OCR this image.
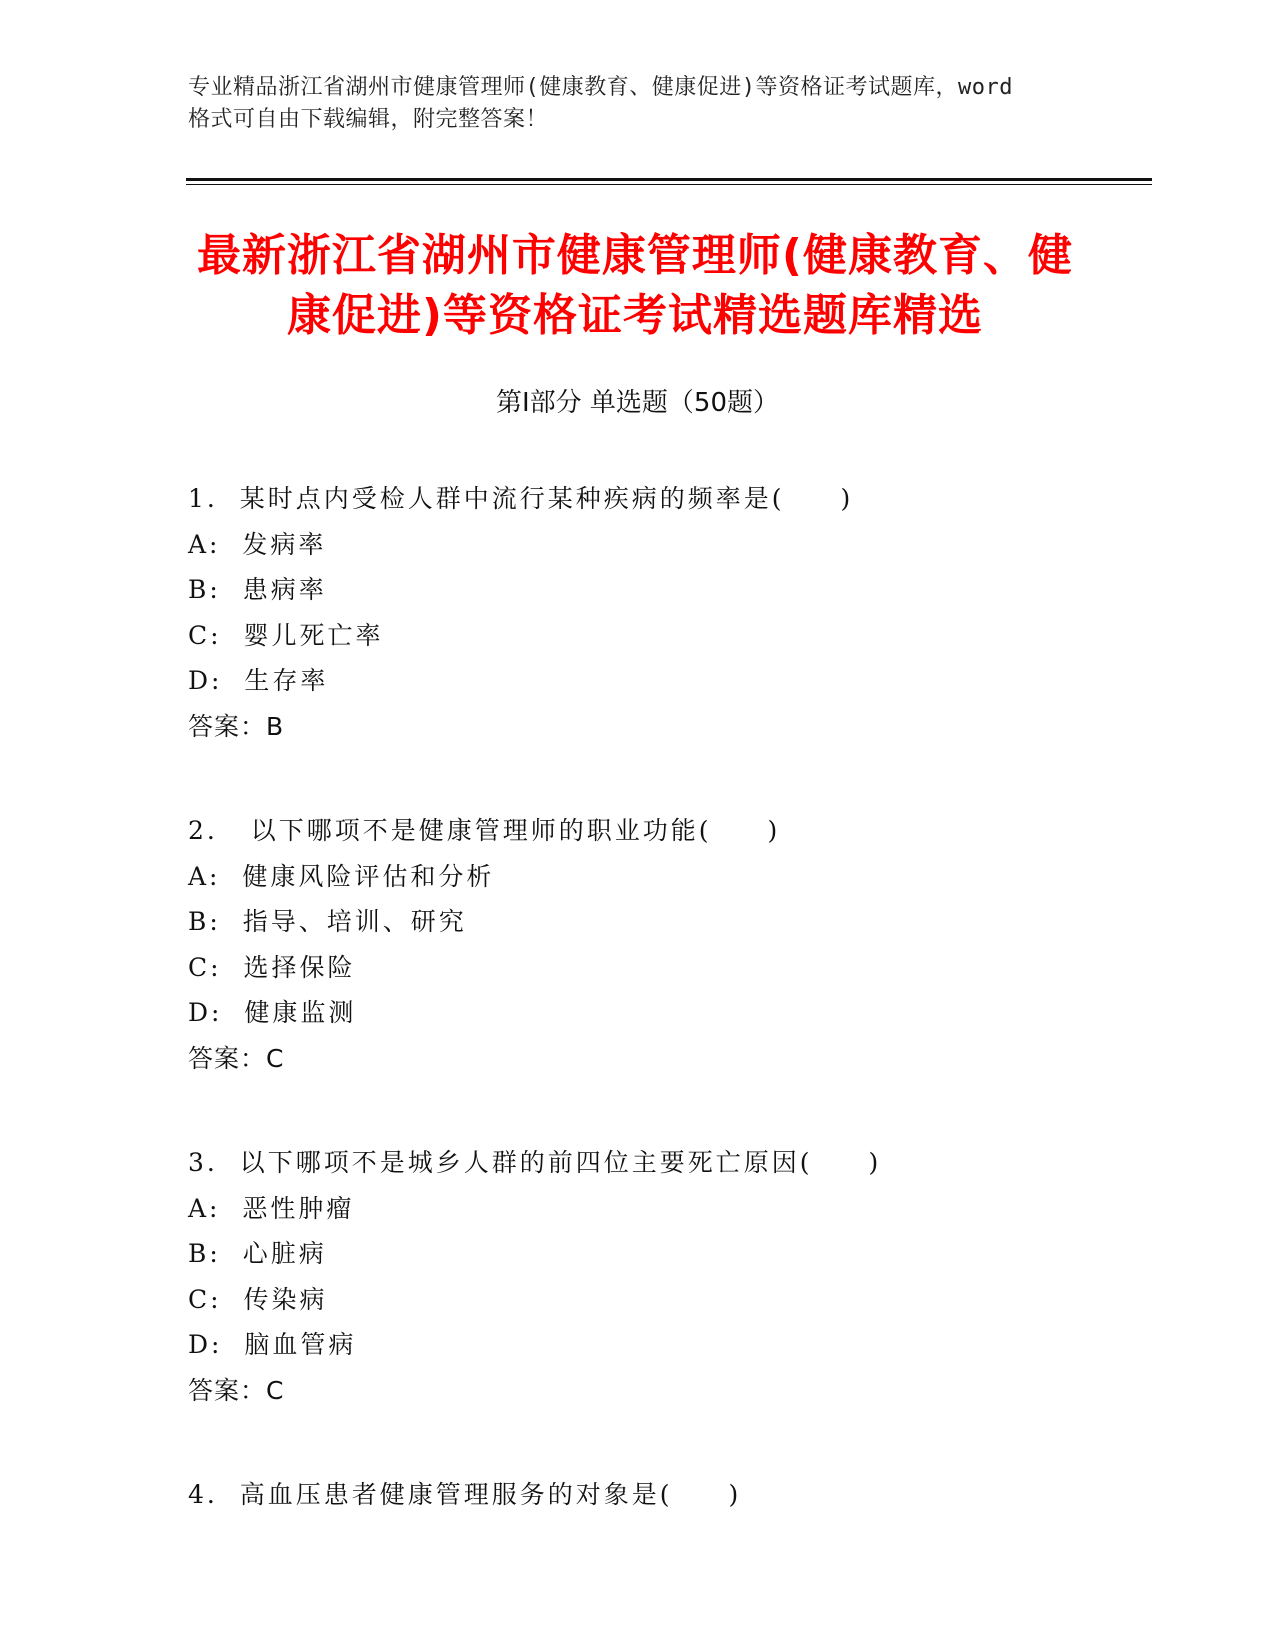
专业精品浙江省湖州市健康管理师(健康教育、健康促进)等资格证考试题库，word
格式可自由下载编辑，附完整答案！
最新浙江省湖州市健康管理师(健康教育、健
康促进)等资格证考试精选题库精选
第Ⅰ部分 单选题（50题）
1.  某时点内受检人群中流行某种疾病的频率是(　　)
A:  发病率
B:  患病率
C:  婴儿死亡率
D:  生存率
答案：B
2.   以下哪项不是健康管理师的职业功能(　　)
A:  健康风险评估和分析
B:  指导、培训、研究
C:  选择保险
D:  健康监测
答案：C
3.  以下哪项不是城乡人群的前四位主要死亡原因(　　)
A:  恶性肿瘤
B:  心脏病
C:  传染病
D:  脑血管病
答案：C
4.  高血压患者健康管理服务的对象是(　　)
